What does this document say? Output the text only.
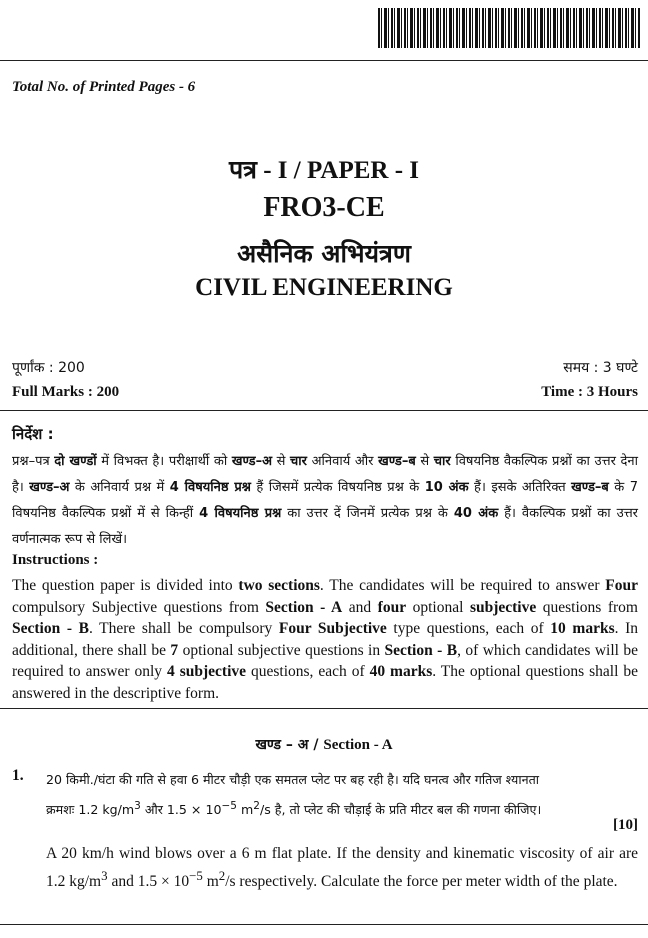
Total No. of Printed Pages - 6
पत्र - I / PAPER - I
FRO3-CE
असैनिक अभियंत्रण
CIVIL ENGINEERING
पूर्णांक : 200	समय : 3 घण्टे
Full Marks : 200	Time : 3 Hours
निर्देश :
प्रश्न–पत्र दो खण्डों में विभक्त है। परीक्षार्थी को खण्ड–अ से चार अनिवार्य और खण्ड–ब से चार विषयनिष्ठ वैकल्पिक प्रश्नों का उत्तर देना है। खण्ड–अ के अनिवार्य प्रश्न में 4 विषयनिष्ठ प्रश्न हैं जिसमें प्रत्येक विषयनिष्ठ प्रश्न के 10 अंक हैं। इसके अतिरिक्त खण्ड–ब के 7 विषयनिष्ठ वैकल्पिक प्रश्नों में से किन्हीं 4 विषयनिष्ठ प्रश्न का उत्तर दें जिनमें प्रत्येक प्रश्न के 40 अंक हैं। वैकल्पिक प्रश्नों का उत्तर वर्णनात्मक रूप से लिखें।
Instructions :
The question paper is divided into two sections. The candidates will be required to answer Four compulsory Subjective questions from Section - A and four optional subjective questions from Section - B. There shall be compulsory Four Subjective type questions, each of 10 marks. In additional, there shall be 7 optional subjective questions in Section - B, of which candidates will be required to answer only 4 subjective questions, each of 40 marks. The optional questions shall be answered in the descriptive form.
खण्ड – अ / Section - A
1. 20 किमी./घंटा की गति से हवा 6 मीटर चौड़ी एक समतल प्लेट पर बह रही है। यदि घनत्व और गतिज श्यानता
क्रमशः 1.2 $kg/m^3$ और $1.5 \times 10^{-5}$ $m^2/s$ है, तो प्लेट की चौड़ाई के प्रति मीटर बल की गणना कीजिए।
[10]
A 20 km/h wind blows over a 6 m flat plate. If the density and kinematic viscosity of air are 1.2 $kg/m^3$ and $1.5 \times 10^{-5}$ $m^2/s$ respectively. Calculate the force per meter width of the plate.
